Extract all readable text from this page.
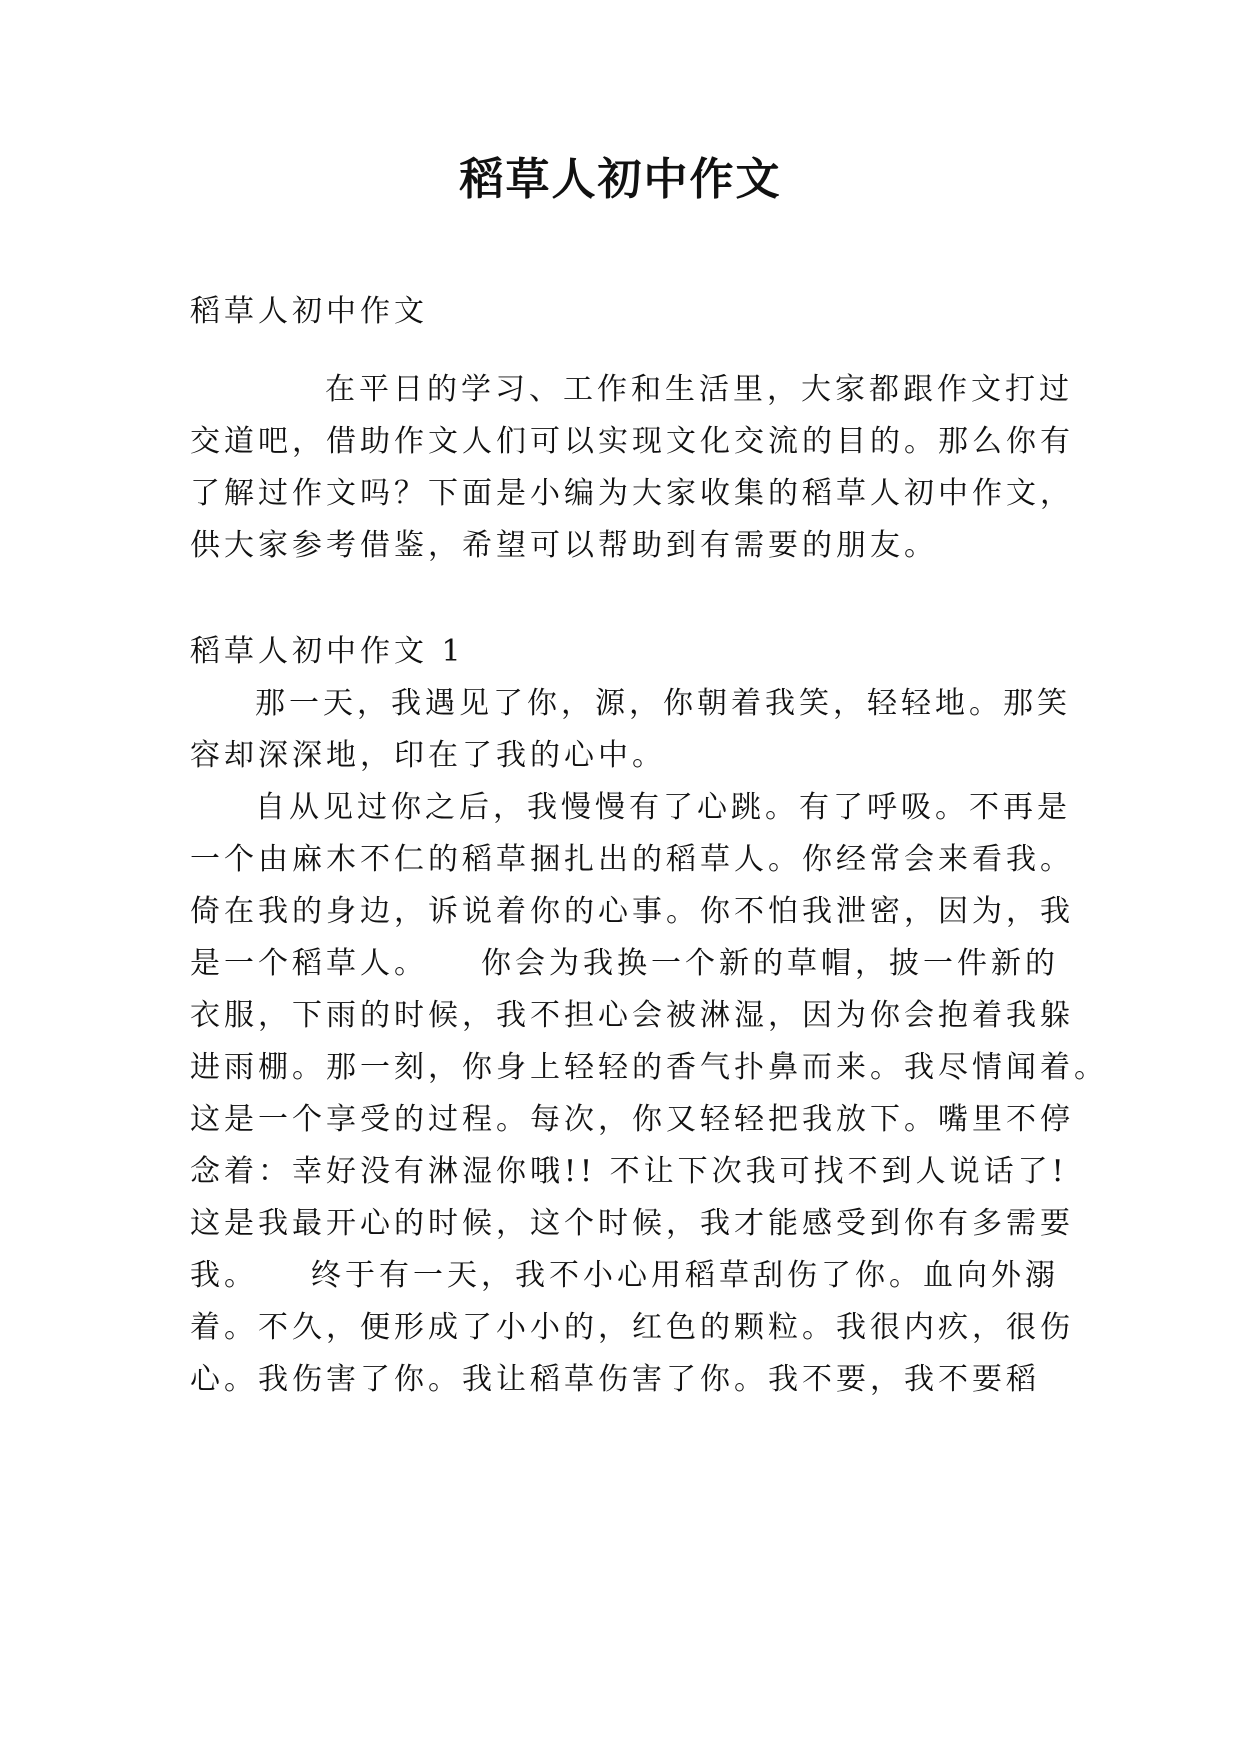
稻草人初中作文
稻草人初中作文
在平日的学习、工作和生活里，大家都跟作文打过
交道吧，借助作文人们可以实现文化交流的目的。那么你有
了解过作文吗？下面是小编为大家收集的稻草人初中作文，
供大家参考借鉴，希望可以帮助到有需要的朋友。
稻草人初中作文 1
那一天，我遇见了你，源，你朝着我笑，轻轻地。那笑
容却深深地，印在了我的心中。
自从见过你之后，我慢慢有了心跳。有了呼吸。不再是
一个由麻木不仁的稻草捆扎出的稻草人。你经常会来看我。
倚在我的身边，诉说着你的心事。你不怕我泄密，因为，我
是一个稻草人。　　你会为我换一个新的草帽，披一件新的
衣服，下雨的时候，我不担心会被淋湿，因为你会抱着我躲
进雨棚。那一刻，你身上轻轻的香气扑鼻而来。我尽情闻着。
这是一个享受的过程。每次，你又轻轻把我放下。嘴里不停
念着：幸好没有淋湿你哦!! 不让下次我可找不到人说话了!
这是我最开心的时候，这个时候，我才能感受到你有多需要
我。　　终于有一天，我不小心用稻草刮伤了你。血向外溺
着。不久，便形成了小小的，红色的颗粒。我很内疚，很伤
心。我伤害了你。我让稻草伤害了你。我不要，我不要稻
